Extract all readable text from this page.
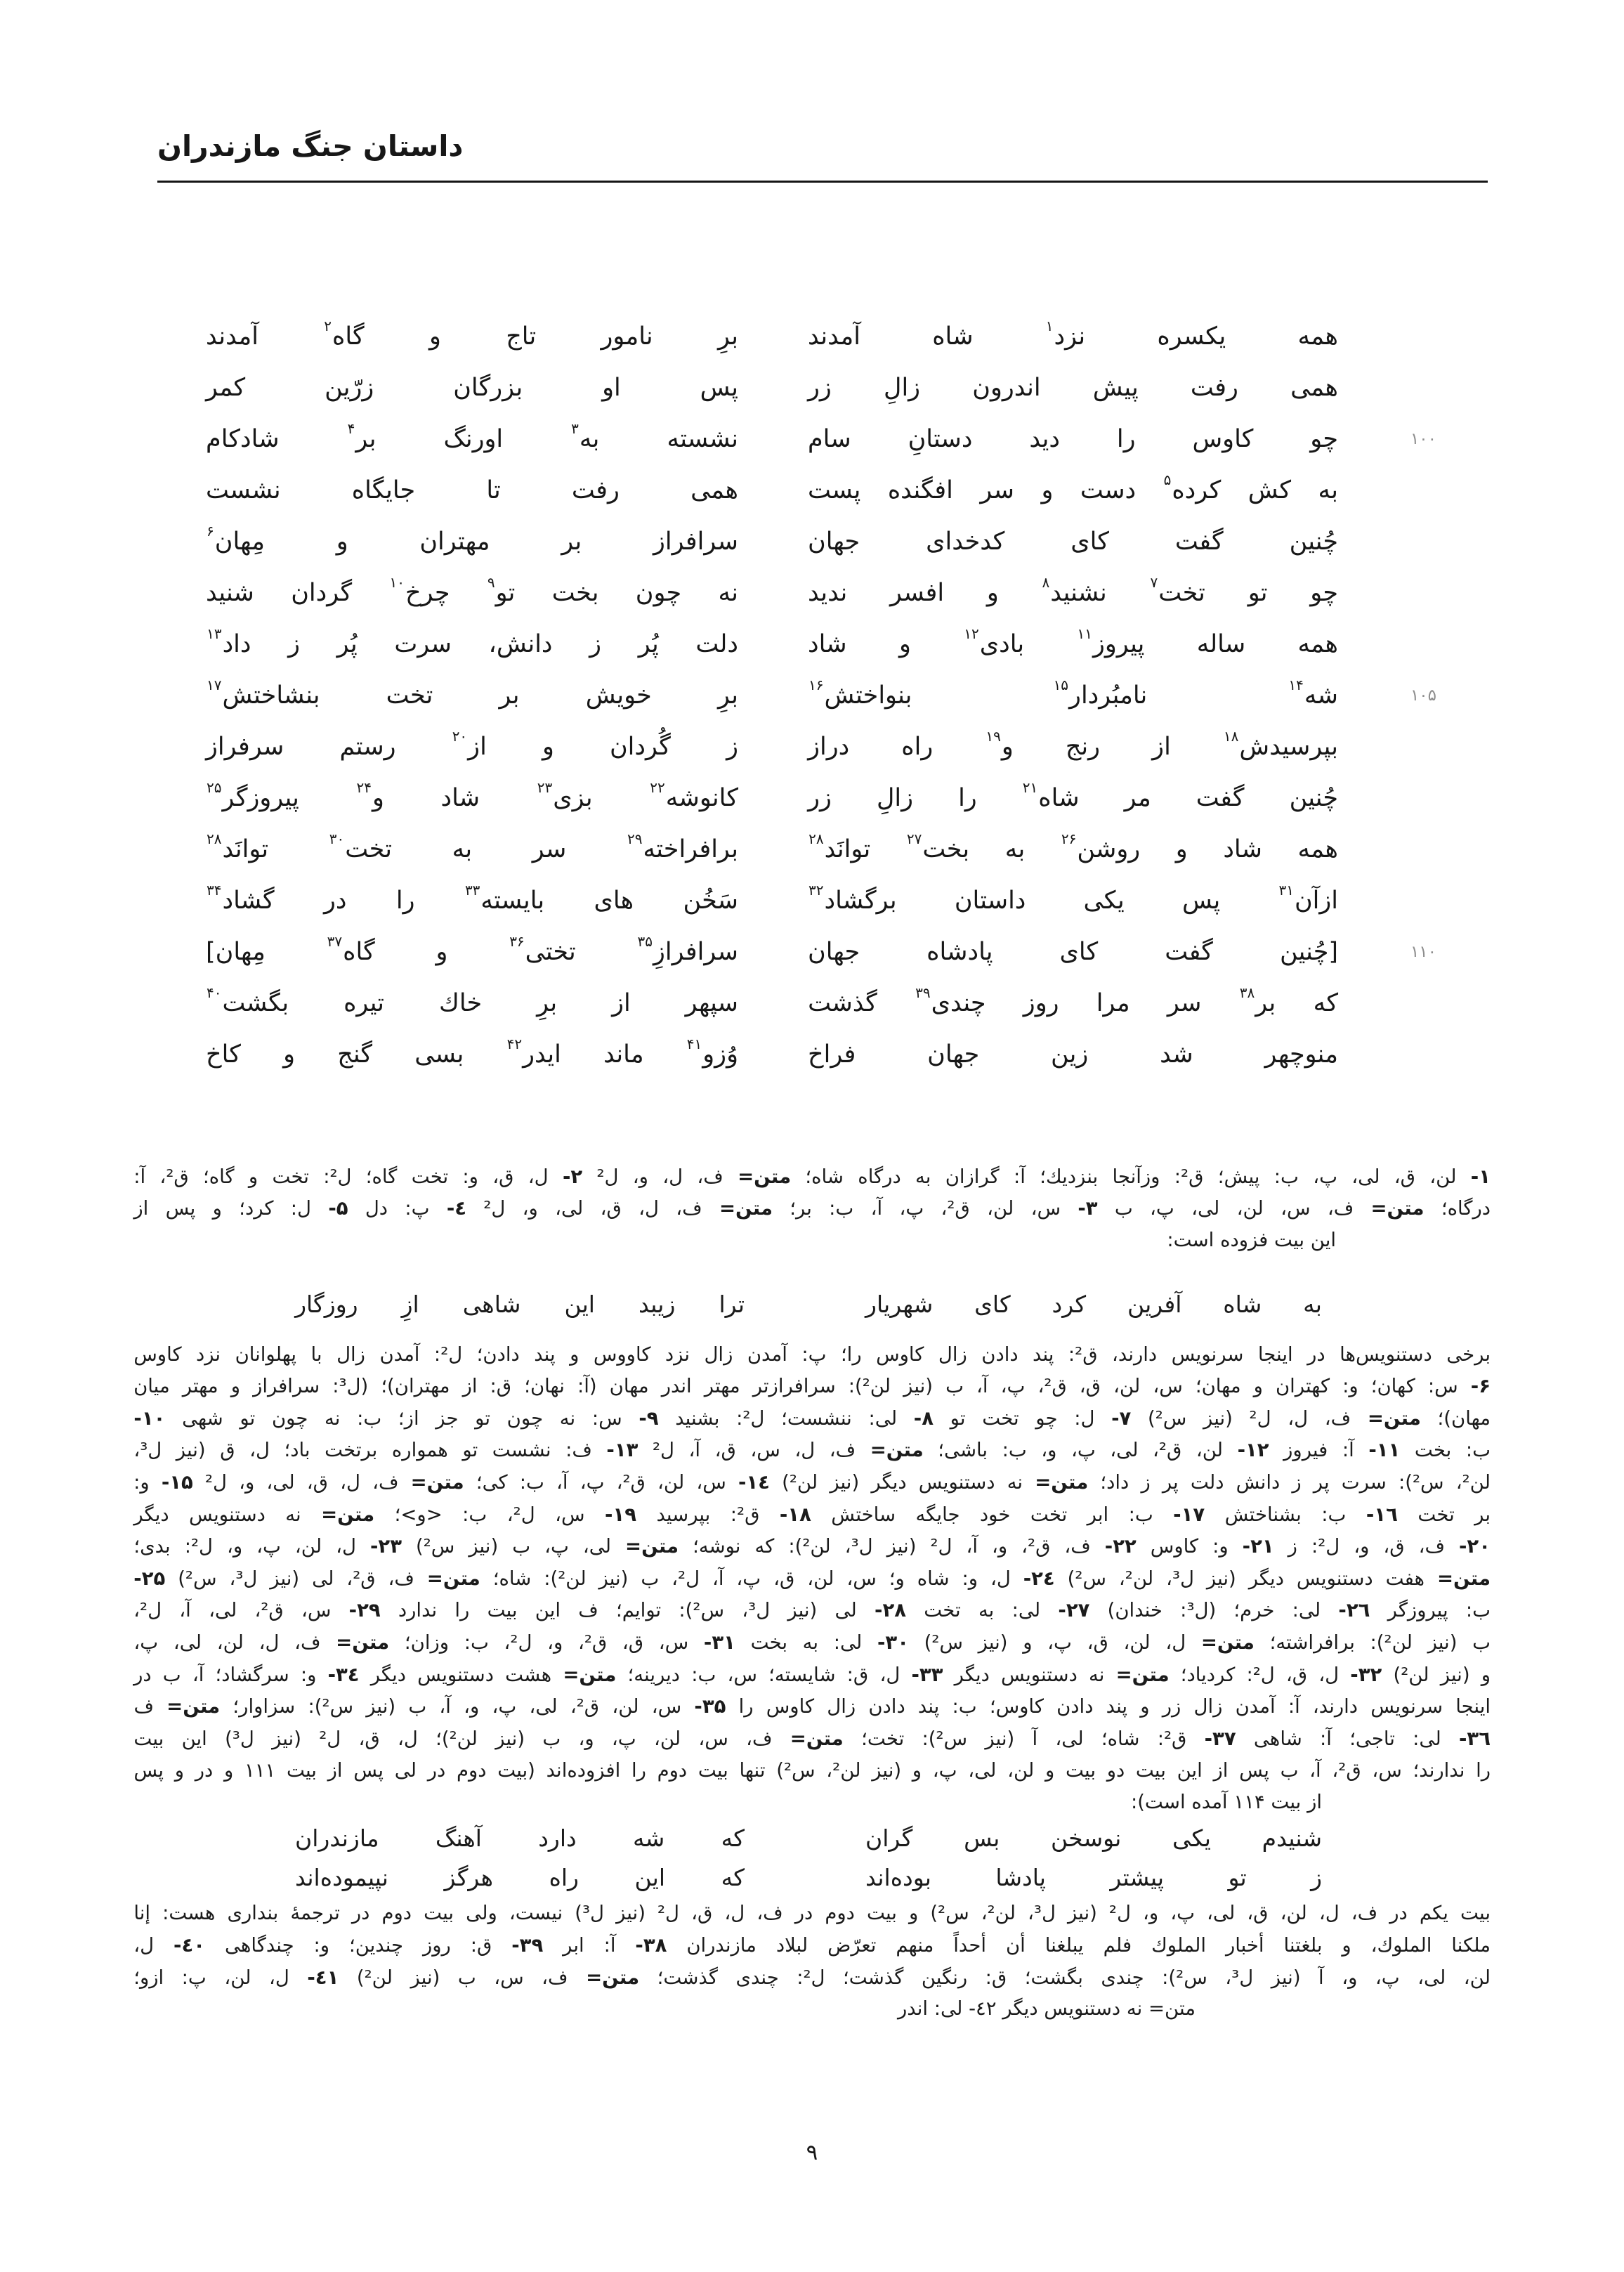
داستان جنگ مازندران
همه
یکسره
نزد$^۱$
شاه
آمدند
برِ
نامور
تاج
و
گاه$^۲$
آمدند
همی
رفت
پیش
اندرون
زالِ
زر
پس
او
بزرگان
زرّین
کمر
چو
کاوس
را
دید
دستانِ
سام
نشسته
به$^۳$
اورنگ
بر$^۴$
شادکام	۱۰۰
به
کش
کرده$^۵$
دست
و
سر
افگنده
پست
همی
رفت
تا
جایگاه
نشست
چُنین
گفت
کای
کدخدای
جهان
سرافراز
بر
مهتران
و
مِهان$^۶$
چو
تو
تخت$^۷$
نشنید$^۸$
و
افسر
ندید
نه
چون
بخت
تو$^۹$
چرخ$^{۱۰}$
گردان
شنید
همه
ساله
پیروز$^{۱۱}$
بادی$^{۱۲}$
و
شاد
دلت
پُر
ز
دانش،
سرت
پُر
ز
داد$^{۱۳}$
شه$^{۱۴}$
نامبُردار$^{۱۵}$
بنواختش$^{۱۶}$
برِ
خویش
بر
تخت
بنشاختش$^{۱۷}$
۱۰۵
بپرسیدش$^{۱۸}$
از
رنج
و$^{۱۹}$
راه
دراز
ز
گُردان
و
از$^{۲۰}$
رستم
سرفراز
چُنین
گفت
مر
شاه$^{۲۱}$
را
زالِ
زر
کانوشه$^{۲۲}$
بزی$^{۲۳}$
شاد
و$^{۲۴}$
پیروزگر$^{۲۵}$
همه
شاد
و
روشن$^{۲۶}$
به
بخت$^{۲۷}$
توانَد$^{۲۸}$
برافراخته$^{۲۹}$
سر
به
تخت$^{۳۰}$
توانَد$^{۲۸}$
ازآن$^{۳۱}$
پس
یکی
داستان
برگشاد$^{۳۲}$
سَخُن
های
بایسته$^{۳۳}$
را
در
گشاد$^{۳۴}$
[چُنین
گفت
کای
پادشاه
جهان
سرافرازِ$^{۳۵}$
تختی$^{۳۶}$
و
گاه$^{۳۷}$
مِهان]	۱۱۰
که
بر$^{۳۸}$
سر
مرا
روز
چندی$^{۳۹}$
گذشت
سپهر
از
برِ
خاك
تیره
بگشت$^{۴۰}$
منوچهر
شد
زین
جهان
فراخ
وُزو$^{۴۱}$
ماند
ایدر$^{۴۲}$
بسی
گنج
و
کاخ
۱-
لن،
ق،
لی،
پ،
ب:
پیش؛
ق²:
وزآنجا
بنزدیك؛
آ:
گرازان
به
درگاه
شاه؛
متن=
ف،
ل،
و،
ل²
۲-
ل،
ق،
و:
تخت
گاه؛
ل²:
تخت
و
گاه؛
ق²،
آ:
درگاه؛
متن=
ف،
س،
لن،
لی،
پ،
ب
۳-
س،
لن،
ق²،
پ،
آ،
ب:
بر؛
متن=
ف،
ل،
ق،
لی،
و،
ل²
٤-
پ:
دل
۵-
ل:
کرد؛
و
پس
از
این بیت فزوده است:
به
شاه
آفرین
کرد
کای
شهریار
ترا
زیبد
این
شاهی
ازِ
روزگار
برخی
دستنویس‌ها
در
اینجا
سرنویس
دارند،
ق²:
پند
دادن
زال
کاوس
را؛
پ:
آمدن
زال
نزد
کاووس
و
پند
دادن؛
ل²:
آمدن
زال
با
پهلوانان
نزد
کاوس
۶-
س:
کهان؛
و:
کهتران
و
مهان؛
س،
لن،
ق،
ق²،
پ،
آ،
ب
(نیز
لن²):
سرافرازتر
مهتر
اندر
مهان
(آ:
نهان؛
ق:
از
مهتران)؛
(ل³:
سرافراز
و
مهتر
میان
مهان)؛
متن=
ف،
ل،
ل²
(نیز
س²)
۷-
ل:
چو
تخت
تو
۸-
لی:
ننشست؛
ل²:
بشنید
۹-
س:
نه
چون
تو
جز
از؛
ب:
نه
چون
تو
شهی
۱۰-
ب:
بخت
۱۱-
آ:
فیروز
۱۲-
لن،
ق²،
لی،
پ،
و،
ب:
باشی؛
متن=
ف،
ل،
س،
ق،
آ،
ل²
۱۳-
ف:
نشست
تو
همواره
برتخت
باد؛
ل،
ق
(نیز
ل³،
لن²،
س²):
سرت
پر
ز
دانش
دلت
پر
ز
داد؛
متن=
نه
دستنویس
دیگر
(نیز
لن²)
۱٤-
س،
لن،
ق²،
پ،
آ،
ب:
کی؛
متن=
ف،
ل،
ق،
لی،
و،
ل²
۱۵-
و:
بر
تخت
۱٦-
ب:
بشناختش
۱۷-
ب:
ابر
تخت
خود
جایگه
ساختش
۱۸-
ق²:
بپرسید
۱۹-
س،
ل²،
ب:
<و>؛
متن=
نه
دستنویس
دیگر
۲۰-
ف،
ق،
و،
ل²:
ز
۲۱-
و:
کاوس
۲۲-
ف،
ق²،
و،
آ،
ل²
(نیز
ل³،
لن²):
که
نوشه؛
متن=
لی،
پ،
ب
(نیز
س²)
۲۳-
ل،
لن،
پ،
و،
ل²:
بدی؛
متن=
هفت
دستنویس
دیگر
(نیز
ل³،
لن²،
س²)
۲٤-
ل،
و:
شاه
و؛
س،
لن،
ق،
پ،
آ،
ل²،
ب
(نیز
لن²):
شاه؛
متن=
ف،
ق²،
لی
(نیز
ل³،
س²)
۲۵-
ب:
پیروزگر
۲٦-
لی:
خرم؛
(ل³:
خندان)
۲۷-
لی:
به
تخت
۲۸-
لی
(نیز
ل³،
س²):
توایم؛
ف
این
بیت
را
ندارد
۲۹-
س،
ق²،
لی،
آ،
ل²،
ب
(نیز
لن²):
برافراشته؛
متن=
ل،
لن،
ق،
پ،
و
(نیز
س²)
۳۰-
لی:
به
بخت
۳۱-
س،
ق،
ق²،
و،
ل²،
ب:
وزان؛
متن=
ف،
ل،
لن،
لی،
پ،
و
(نیز
لن²)
۳۲-
ل،
ق،
ل²:
کردیاد؛
متن=
نه
دستنویس
دیگر
۳۳-
ل،
ق:
شایسته؛
س،
ب:
دیرینه؛
متن=
هشت
دستنویس
دیگر
۳٤-
و:
سرگشاد؛
آ،
ب
در
اینجا
سرنویس
دارند،
آ:
آمدن
زال
زر
و
پند
دادن
کاوس؛
ب:
پند
دادن
زال
کاوس
را
۳۵-
س،
لن،
ق²،
لی،
پ،
و،
آ،
ب
(نیز
س²):
سزاوار؛
متن=
ف
۳٦-
لی:
تاجی؛
آ:
شاهی
۳۷-
ق²:
شاه؛
لی،
آ
(نیز
س²):
تخت؛
متن=
ف،
س،
لن،
پ،
و،
ب
(نیز
لن²)؛
ل،
ق،
ل²
(نیز
ل³)
این
بیت
را
ندارند؛
س،
ق²،
آ،
ب
پس
از
این
بیت
دو
بیت
و
لن،
لی،
پ،
و
(نیز
لن²،
س²)
تنها
بیت
دوم
را
افزوده‌اند
(بیت
دوم
در
لی
پس
از
بیت
۱۱۱
و
در
و
پس
از بیت ۱۱۴ آمده است):
شنیدم
یکی
نوسخن
بس
گران
که
شه
دارد
آهنگ
مازندران
ز
تو
پیشتر
پادشا
بوده‌اند
که
این
راه
هرگز
نپیموده‌اند
بیت
یکم
در
ف،
ل،
لن،
ق،
لی،
پ،
و،
ل²
(نیز
ل³،
لن²،
س²)
و
بیت
دوم
در
ف،
ل،
ق،
ل²
(نیز
ل³)
نیست،
ولی
بیت
دوم
در
ترجمهٔ
بنداری
هست:
إنا
ملكنا
الملوك،
و
بلغتنا
أخبار
الملوك
فلم
يبلغنا
أن
أحداً
منهم
تعرّض
لبلاد
مازندران
۳۸-
آ:
ابر
۳۹-
ق:
روز
چندین؛
و:
چندگاهی
٤۰-
ل،
لن،
لی،
پ،
و،
آ
(نیز
ل³،
س²):
چندی
بگشت؛
ق:
رنگین
گذشت؛
ل²:
چندی
گذشت؛
متن=
ف،
س،
ب
(نیز
لن²)
٤۱-
ل،
لن،
پ:
ازو؛
متن= نه دستنویس دیگر ٤۲- لی: اندر
۹
